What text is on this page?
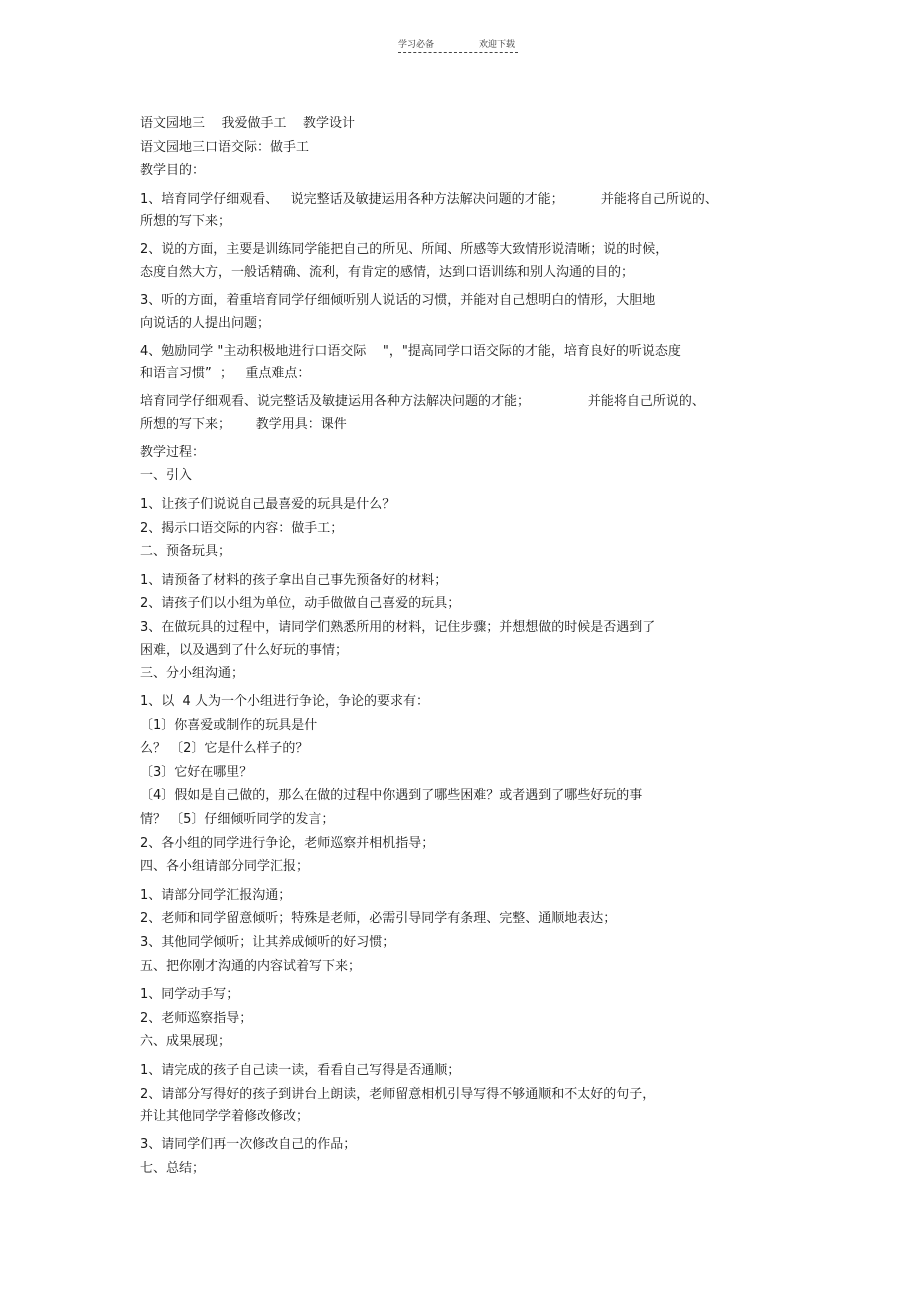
学习必备	欢迎下载
语文园地三    我爱做手工    教学设计
语文园地三口语交际：做手工
教学目的：
1、培育同学仔细观看、   说完整话及敏捷运用各种方法解决问题的才能；         并能将自己所说的、
所想的写下来；
2、说的方面，主要是训练同学能把自己的所见、所闻、所感等大致情形说清晰；说的时候，
态度自然大方，一般话精确、流利，有肯定的感情，达到口语训练和别人沟通的目的；
3、听的方面，着重培育同学仔细倾听别人说话的习惯，并能对自己想明白的情形，大胆地
向说话的人提出问题；
4、勉励同学 "主动积极地进行口语交际    "，"提高同学口语交际的才能，培育良好的听说态度
和语言习惯”  ；   重点难点：
培育同学仔细观看、说完整话及敏捷运用各种方法解决问题的才能；              并能将自己所说的、
所想的写下来；      教学用具：课件
教学过程：
一、引入
1、让孩子们说说自己最喜爱的玩具是什么？
2、揭示口语交际的内容：做手工；
二、预备玩具；
1、请预备了材料的孩子拿出自己事先预备好的材料；
2、请孩子们以小组为单位，动手做做自己喜爱的玩具；
3、在做玩具的过程中，请同学们熟悉所用的材料，记住步骤；并想想做的时候是否遇到了
困难，以及遇到了什么好玩的事情；
三、分小组沟通；
1、以  4 人为一个小组进行争论，争论的要求有：
〔1〕你喜爱或制作的玩具是什
么？ 〔2〕它是什么样子的？
〔3〕它好在哪里？
〔4〕假如是自己做的，那么在做的过程中你遇到了哪些困难？或者遇到了哪些好玩的事
情？ 〔5〕仔细倾听同学的发言；
2、各小组的同学进行争论，老师巡察并相机指导；
四、各小组请部分同学汇报；
1、请部分同学汇报沟通；
2、老师和同学留意倾听；特殊是老师，必需引导同学有条理、完整、通顺地表达；
3、其他同学倾听；让其养成倾听的好习惯；
五、把你刚才沟通的内容试着写下来；
1、同学动手写；
2、老师巡察指导；
六、成果展现；
1、请完成的孩子自己读一读，看看自己写得是否通顺；
2、请部分写得好的孩子到讲台上朗读，老师留意相机引导写得不够通顺和不太好的句子，
并让其他同学学着修改修改；
3、请同学们再一次修改自己的作品；
七、总结；
